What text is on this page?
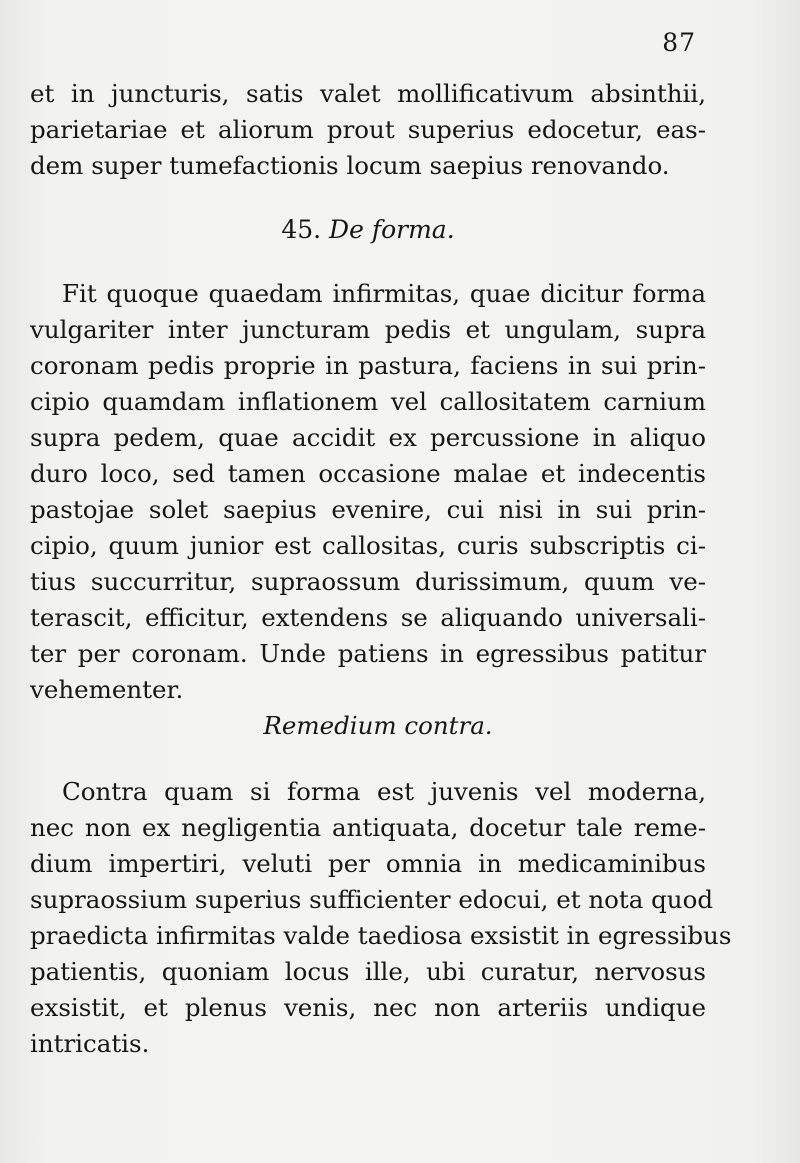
87
et in juncturis, satis valet mollificativum absinthii,
parietariae et aliorum prout superius edocetur, eas-
dem super tumefactionis locum saepius renovando.
45. De forma.
Fit quoque quaedam infirmitas, quae dicitur forma
vulgariter inter juncturam pedis et ungulam, supra
coronam pedis proprie in pastura, faciens in sui prin-
cipio quamdam inflationem vel callositatem carnium
supra pedem, quae accidit ex percussione in aliquo
duro loco, sed tamen occasione malae et indecentis
pastojae solet saepius evenire, cui nisi in sui prin-
cipio, quum junior est callositas, curis subscriptis ci-
tius succurritur, supraossum durissimum, quum ve-
terascit, efficitur, extendens se aliquando universali-
ter per coronam. Unde patiens in egressibus patitur
vehementer.
Remedium contra.
Contra quam si forma est juvenis vel moderna,
nec non ex negligentia antiquata, docetur tale reme-
dium impertiri, veluti per omnia in medicaminibus
supraossium superius sufficienter edocui, et nota quod
praedicta infirmitas valde taediosa exsistit in egressibus
patientis, quoniam locus ille, ubi curatur, nervosus
exsistit, et plenus venis, nec non arteriis undique
intricatis.
